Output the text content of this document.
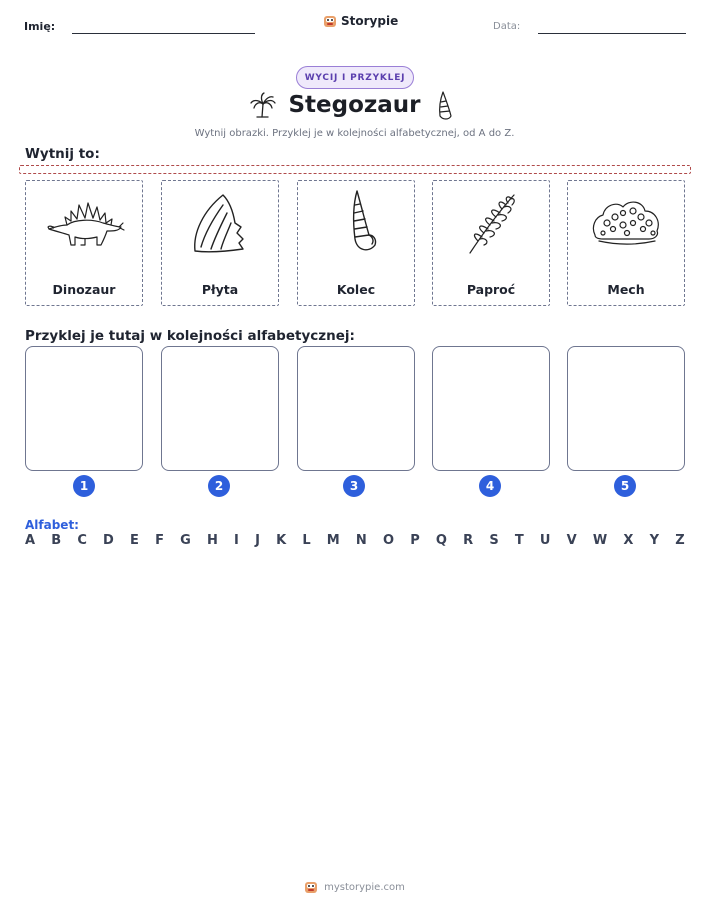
Imię:	Storypie	Data:
WYCIJ I PRZYKLEJ
Stegozaur
Wytnij obrazki. Przyklej je w kolejności alfabetycznej, od A do Z.
Wytnij to:
Dinozaur	Płyta	Kolec	Paproć	Mech
Przyklej je tutaj w kolejności alfabetycznej:
1	2	3	4	5
Alfabet:
A B C D E F G H I J K L M N O P Q R S T U V W X Y Z
mystorypie.com
